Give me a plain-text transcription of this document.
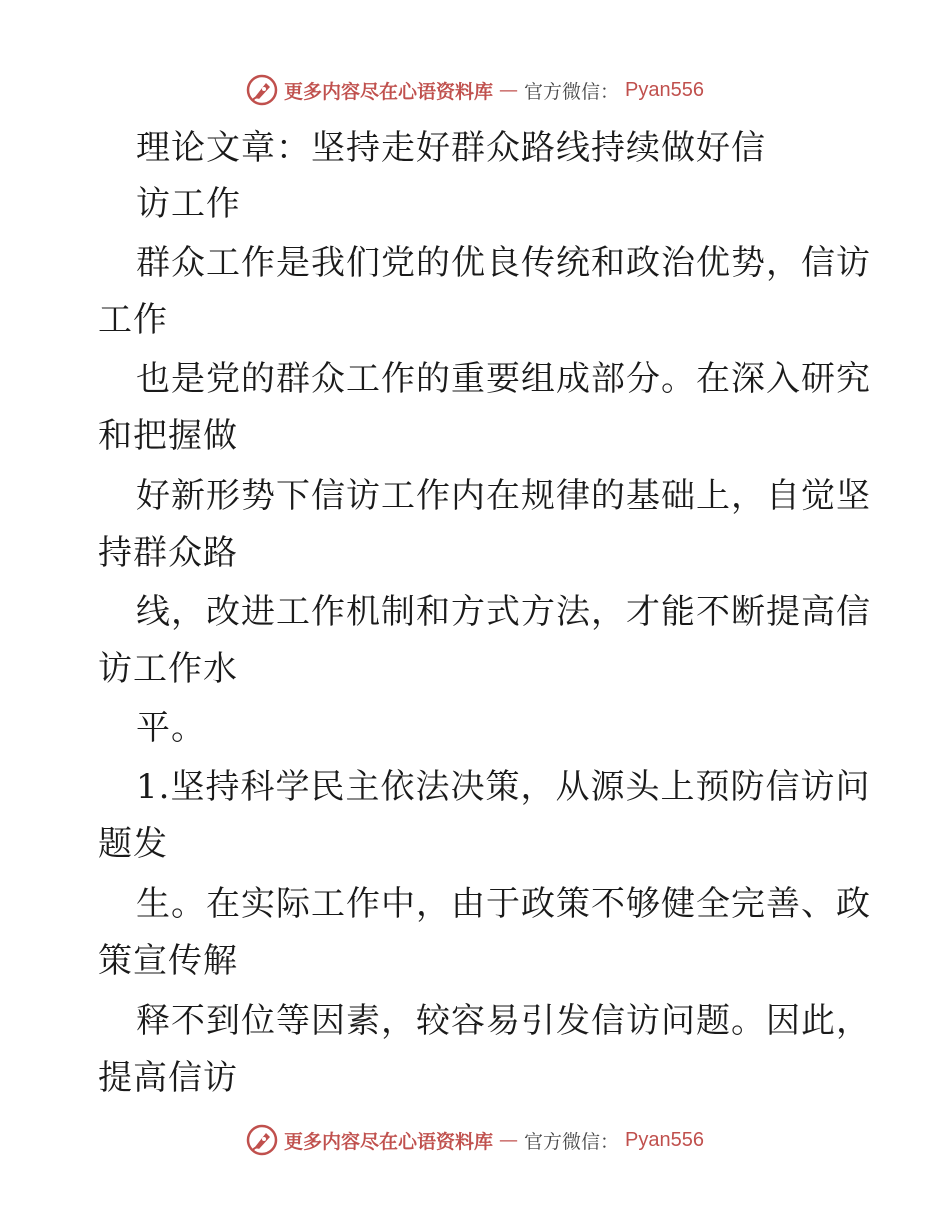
更多内容尽在心语资料库 — 官方微信： Pyan556
理论文章：坚持走好群众路线持续做好信
访工作
群众工作是我们党的优良传统和政治优势，信访
工作
也是党的群众工作的重要组成部分。在深入研究
和把握做
好新形势下信访工作内在规律的基础上，自觉坚
持群众路
线，改进工作机制和方式方法，才能不断提高信
访工作水
平。
1.坚持科学民主依法决策，从源头上预防信访问
题发
生。在实际工作中，由于政策不够健全完善、政
策宣传解
释不到位等因素，较容易引发信访问题。因此，
提高信访
更多内容尽在心语资料库 — 官方微信： Pyan556
